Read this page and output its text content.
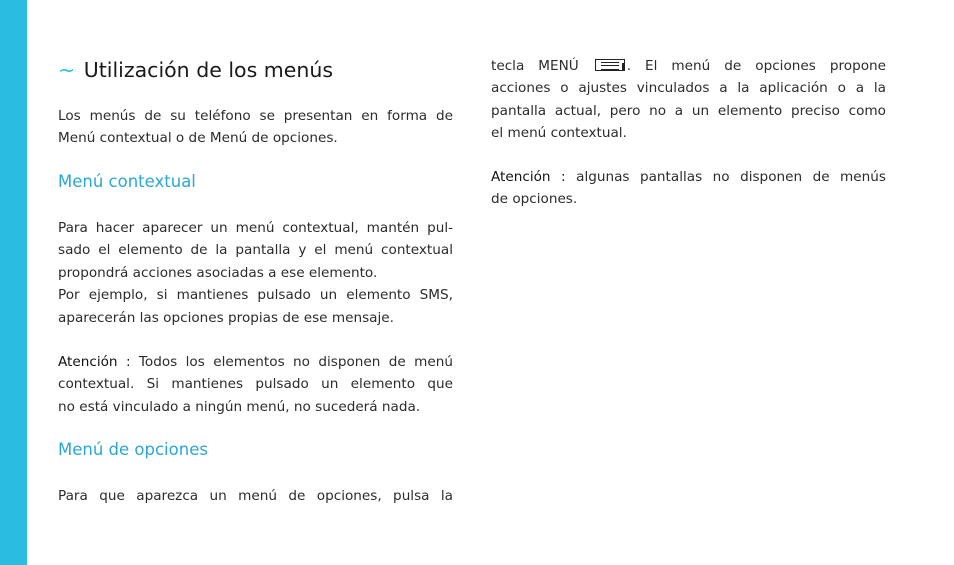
~ Utilización de los menús

Los menús de su teléfono se presentan en forma de
Menú contextual o de Menú de opciones.

Menú contextual

Para hacer aparecer un menú contextual, mantén pul-
sado el elemento de la pantalla y el menú contextual
propondrá acciones asociadas a ese elemento.
Por ejemplo, si mantienes pulsado un elemento SMS,
aparecerán las opciones propias de ese mensaje.

Atención : Todos los elementos no disponen de menú
contextual. Si mantienes pulsado un elemento que
no está vinculado a ningún menú, no sucederá nada.

Menú de opciones

Para que aparezca un menú de opciones, pulsa la

tecla MENÚ	. El menú de opciones propone
acciones o ajustes vinculados a la aplicación o a la
pantalla actual, pero no a un elemento preciso como
el menú contextual.

Atención : algunas pantallas no disponen de menús
de opciones.
